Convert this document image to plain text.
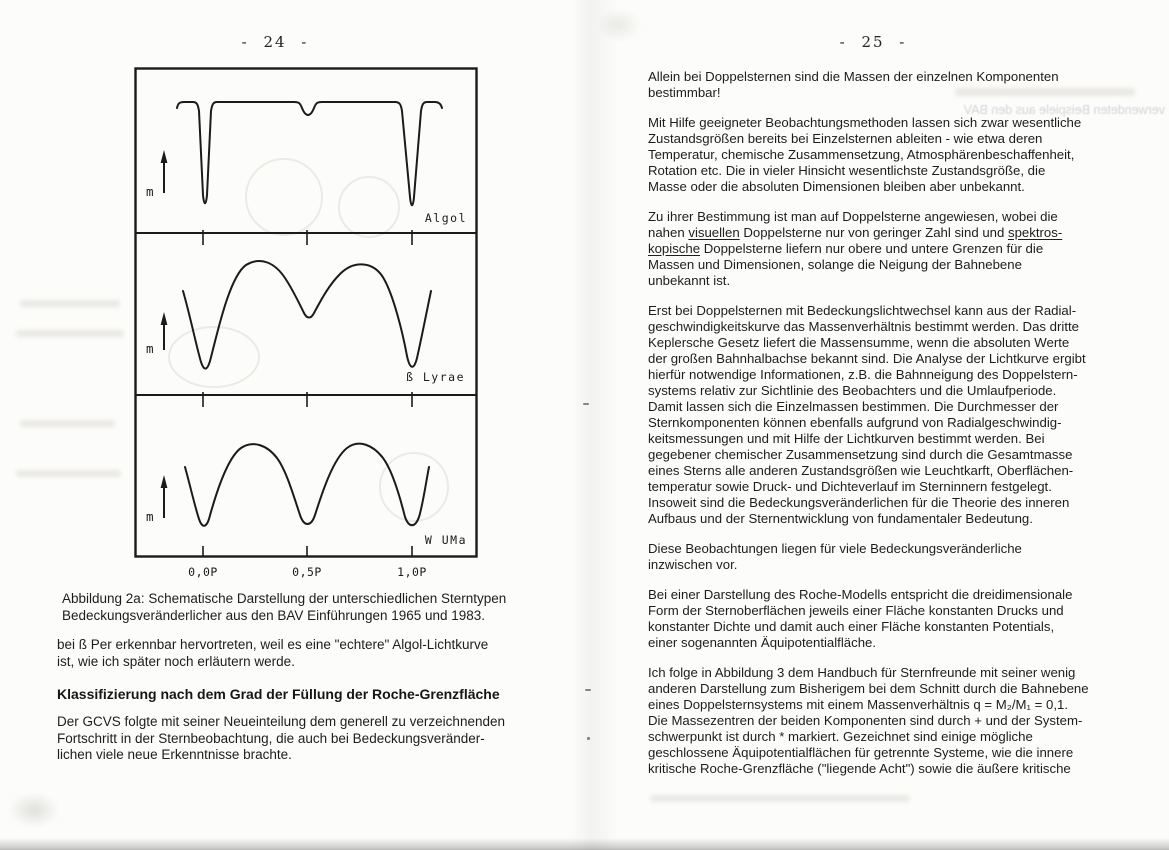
verwendeten Beispiele aus den BAV
- 24 -	- 25 -
m
m
m
Algol
ß Lyrae
W UMa
0,0P	0,5P	1,0P
Abbildung 2a: Schematische Darstellung der unterschiedlichen Sterntypen
Bedeckungsveränderlicher aus den BAV Einführungen 1965 und 1983.
bei ß Per erkennbar hervortreten, weil es eine "echtere" Algol-Lichtkurve
ist, wie ich später noch erläutern werde.
Klassifizierung nach dem Grad der Füllung der Roche-Grenzfläche
Der GCVS folgte mit seiner Neueinteilung dem generell zu verzeichnenden
Fortschritt in der Sternbeobachtung, die auch bei Bedeckungsveränder-
lichen viele neue Erkenntnisse brachte.
Allein bei Doppelsternen sind die Massen der einzelnen Komponenten
bestimmbar!
Mit Hilfe geeigneter Beobachtungsmethoden lassen sich zwar wesentliche
Zustandsgrößen bereits bei Einzelsternen ableiten - wie etwa deren
Temperatur, chemische Zusammensetzung, Atmosphärenbeschaffenheit,
Rotation etc. Die in vieler Hinsicht wesentlichste Zustandsgröße, die
Masse oder die absoluten Dimensionen bleiben aber unbekannt.
Zu ihrer Bestimmung ist man auf Doppelsterne angewiesen, wobei die
nahen visuellen Doppelsterne nur von geringer Zahl sind und spektros-
kopische Doppelsterne liefern nur obere und untere Grenzen für die
Massen und Dimensionen, solange die Neigung der Bahnebene
unbekannt ist.
Erst bei Doppelsternen mit Bedeckungslichtwechsel kann aus der Radial-
geschwindigkeitskurve das Massenverhältnis bestimmt werden. Das dritte
Keplersche Gesetz liefert die Massensumme, wenn die absoluten Werte
der großen Bahnhalbachse bekannt sind. Die Analyse der Lichtkurve ergibt
hierfür notwendige Informationen, z.B. die Bahnneigung des Doppelstern-
systems relativ zur Sichtlinie des Beobachters und die Umlaufperiode.
Damit lassen sich die Einzelmassen bestimmen. Die Durchmesser der
Sternkomponenten können ebenfalls aufgrund von Radialgeschwindig-
keitsmessungen und mit Hilfe der Lichtkurven bestimmt werden. Bei
gegebener chemischer Zusammensetzung sind durch die Gesamtmasse
eines Sterns alle anderen Zustandsgrößen wie Leuchtkarft, Oberflächen-
temperatur sowie Druck- und Dichteverlauf im Sterninnern festgelegt.
Insoweit sind die Bedeckungsveränderlichen für die Theorie des inneren
Aufbaus und der Sternentwicklung von fundamentaler Bedeutung.
Diese Beobachtungen liegen für viele Bedeckungsveränderliche
inzwischen vor.
Bei einer Darstellung des Roche-Modells entspricht die dreidimensionale
Form der Sternoberflächen jeweils einer Fläche konstanten Drucks und
konstanter Dichte und damit auch einer Fläche konstanten Potentials,
einer sogenannten Äquipotentialfläche.
Ich folge in Abbildung 3 dem Handbuch für Sternfreunde mit seiner wenig
anderen Darstellung zum Bisherigem bei dem Schnitt durch die Bahnebene
eines Doppelsternsystems mit einem Massenverhältnis q = M₂/M₁ = 0,1.
Die Massezentren der beiden Komponenten sind durch + und der System-
schwerpunkt ist durch * markiert. Gezeichnet sind einige mögliche
geschlossene Äquipotentialflächen für getrennte Systeme, wie die innere
kritische Roche-Grenzfläche ("liegende Acht") sowie die äußere kritische
